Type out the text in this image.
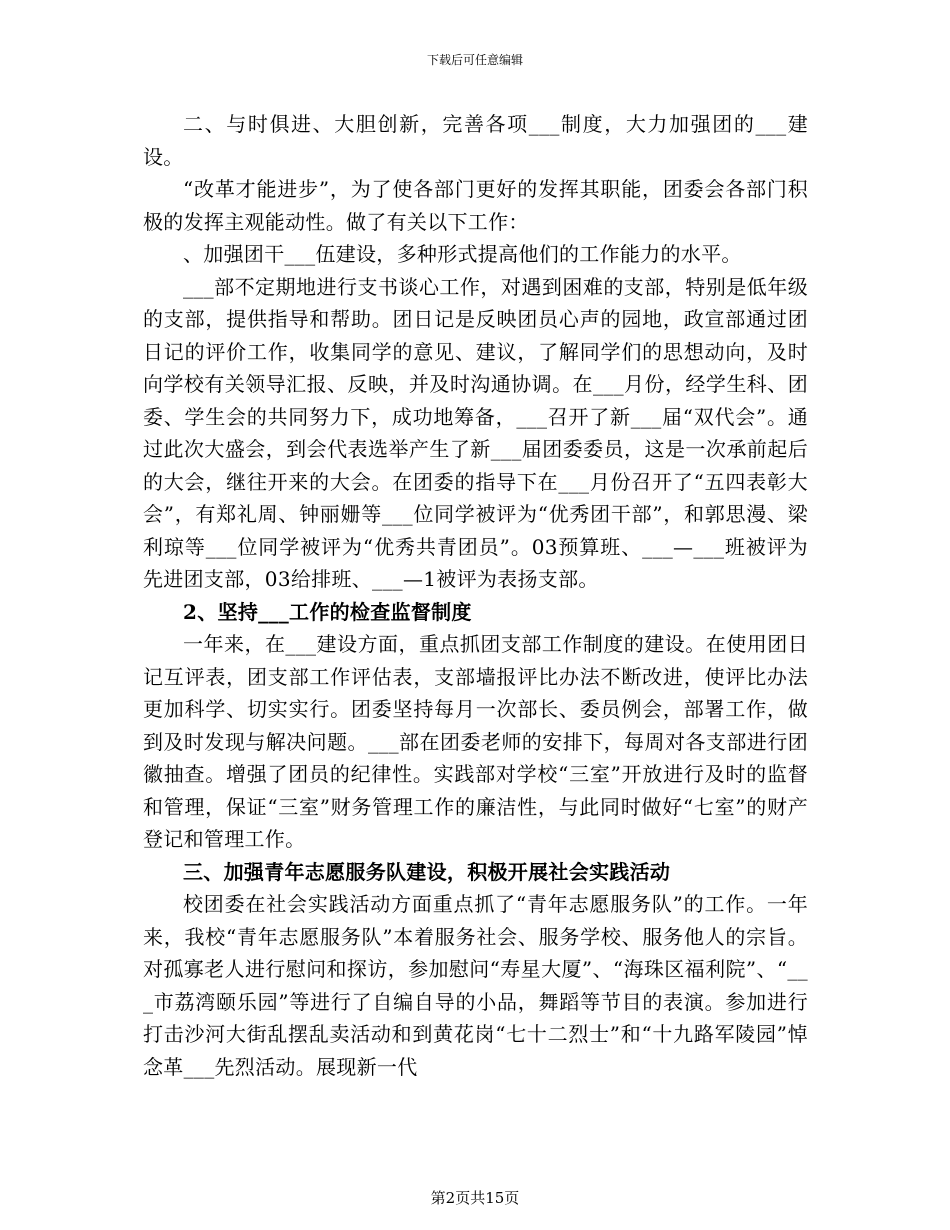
下载后可任意编辑

二、与时俱进、大胆创新，完善各项___制度，大力加强团的___建设。

“改革才能进步”，为了使各部门更好的发挥其职能，团委会各部门积极的发挥主观能动性。做了有关以下工作：

、加强团干___伍建设，多种形式提高他们的工作能力的水平。

___部不定期地进行支书谈心工作，对遇到困难的支部，特别是低年级的支部，提供指导和帮助。团日记是反映团员心声的园地，政宣部通过团日记的评价工作，收集同学的意见、建议，了解同学们的思想动向，及时向学校有关领导汇报、反映，并及时沟通协调。在___月份，经学生科、团委、学生会的共同努力下，成功地筹备，___召开了新___届“双代会”。通过此次大盛会，到会代表选举产生了新___届团委委员，这是一次承前起后的大会，继往开来的大会。在团委的指导下在___月份召开了“五四表彰大会”，有郑礼周、钟丽姗等___位同学被评为“优秀团干部”，和郭思漫、梁利琼等___位同学被评为“优秀共青团员”。03预算班、___—___班被评为先进团支部，03给排班、___—1被评为表扬支部。

2、坚持___工作的检查监督制度

一年来，在___建设方面，重点抓团支部工作制度的建设。在使用团日记互评表，团支部工作评估表，支部墙报评比办法不断改进，使评比办法更加科学、切实实行。团委坚持每月一次部长、委员例会，部署工作，做到及时发现与解决问题。___部在团委老师的安排下，每周对各支部进行团徽抽查。增强了团员的纪律性。实践部对学校“三室”开放进行及时的监督和管理，保证“三室”财务管理工作的廉洁性，与此同时做好“七室”的财产登记和管理工作。

三、加强青年志愿服务队建设，积极开展社会实践活动

校团委在社会实践活动方面重点抓了“青年志愿服务队”的工作。一年来，我校“青年志愿服务队”本着服务社会、服务学校、服务他人的宗旨。对孤寡老人进行慰问和探访，参加慰问“寿星大厦”、“海珠区福利院”、“___市荔湾颐乐园”等进行了自编自导的小品，舞蹈等节目的表演。参加进行打击沙河大街乱摆乱卖活动和到黄花岗“七十二烈士”和“十九路军陵园”悼念革___先烈活动。展现新一代

第2页共15页
